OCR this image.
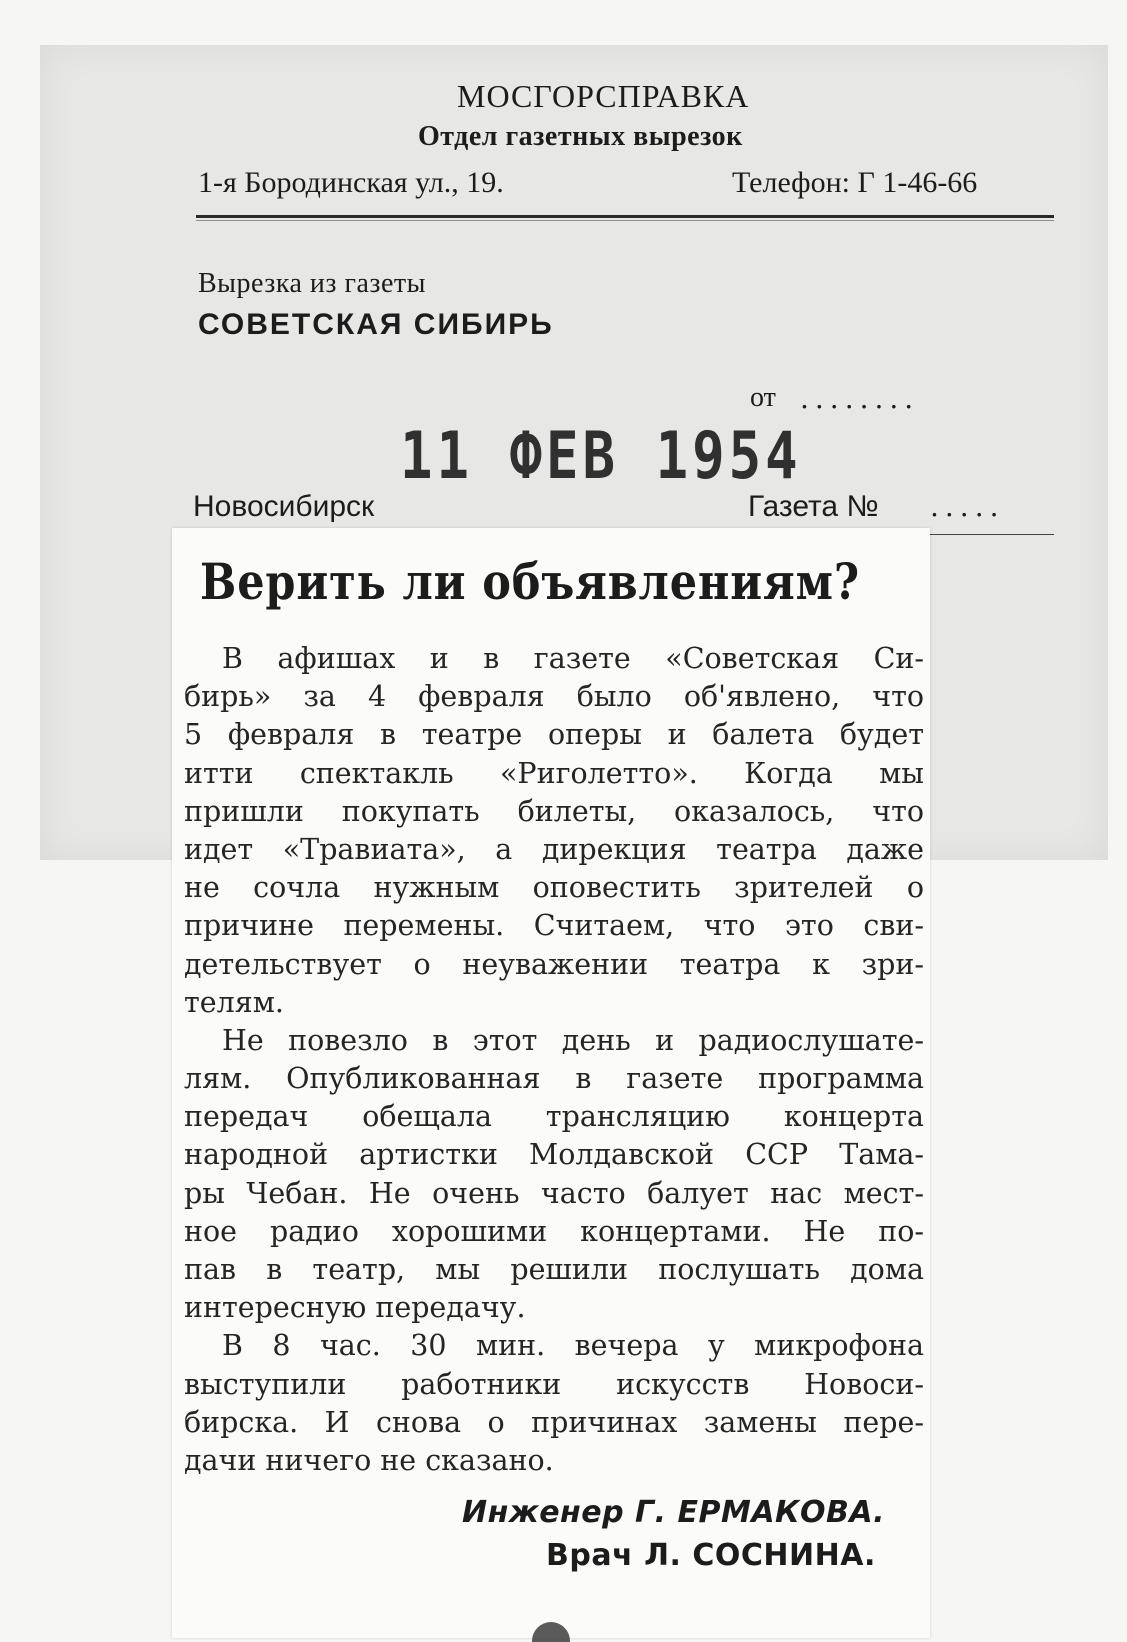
МОСГОРСПРАВКА
Отдел газетных вырезок
1-я Бородинская ул., 19.	Телефон: Г 1-46-66
Вырезка из газеты
СОВЕТСКАЯ СИБИРЬ
от ........
11 ФЕВ 1954
Новосибирск	Газета № .....
Верить ли объявлениям?
В афишах и в газете «Советская Си-
бирь» за 4 февраля было об'явлено, что
5 февраля в театре оперы и балета будет
итти спектакль «Риголетто». Когда мы
пришли покупать билеты, оказалось, что
идет «Травиата», а дирекция театра даже
не сочла нужным оповестить зрителей о
причине перемены. Считаем, что это сви-
детельствует о неуважении театра к зри-
телям.
Не повезло в этот день и радиослушате-
лям. Опубликованная в газете программа
передач обещала трансляцию концерта
народной артистки Молдавской ССР Тама-
ры Чебан. Не очень часто балует нас мест-
ное радио хорошими концертами. Не по-
пав в театр, мы решили послушать дома
интересную передачу.
В 8 час. 30 мин. вечера у микрофона
выступили работники искусств Новоси-
бирска. И снова о причинах замены пере-
дачи ничего не сказано.
Инженер Г. ЕРМАКОВА.
Врач Л. СОСНИНА.
